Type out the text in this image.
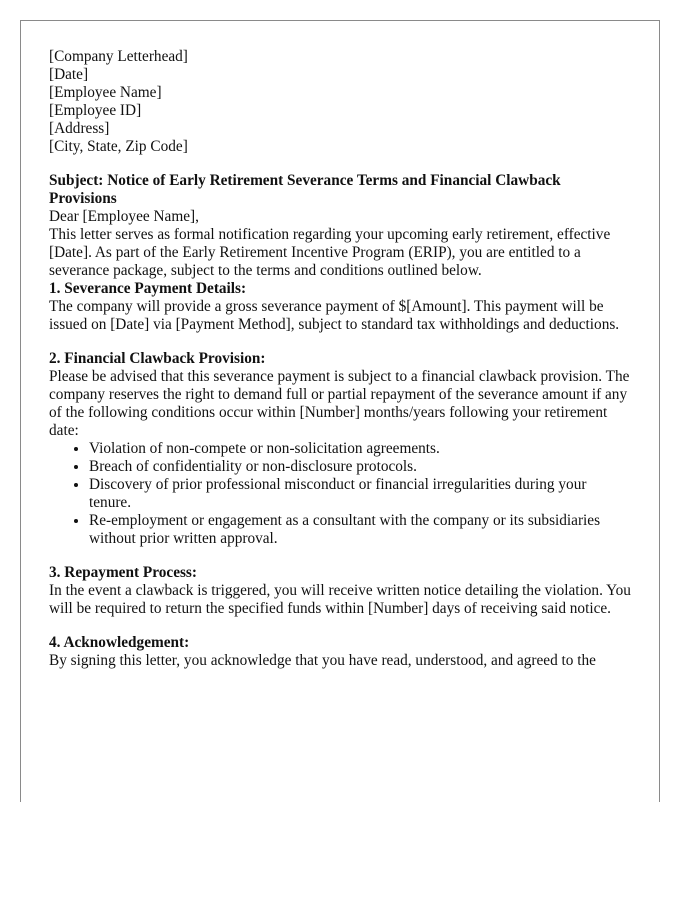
[Company Letterhead]

[Date]

[Employee Name]
[Employee ID]
[Address]
[City, State, Zip Code]

Subject: Notice of Early Retirement Severance Terms and Financial Clawback Provisions

Dear [Employee Name],

This letter serves as formal notification regarding your upcoming early retirement, effective [Date]. As part of the Early Retirement Incentive Program (ERIP), you are entitled to a severance package, subject to the terms and conditions outlined below.

1. Severance Payment Details:
The company will provide a gross severance payment of $[Amount]. This payment will be issued on [Date] via [Payment Method], subject to standard tax withholdings and deductions.
2. Financial Clawback Provision:

Please be advised that this severance payment is subject to a financial clawback provision. The company reserves the right to demand full or partial repayment of the severance amount if any of the following conditions occur within [Number] months/years following your retirement date:

• Violation of non-compete or non-solicitation agreements.
• Breach of confidentiality or non-disclosure protocols.
• Discovery of prior professional misconduct or financial irregularities during your tenure.
• Re-employment or engagement as a consultant with the company or its subsidiaries without prior written approval.
3. Repayment Process:
In the event a clawback is triggered, you will receive written notice detailing the violation. You will be required to return the specified funds within [Number] days of receiving said notice.
4. Acknowledgement:
By signing this letter, you acknowledge that you have read, understood, and agreed to the
